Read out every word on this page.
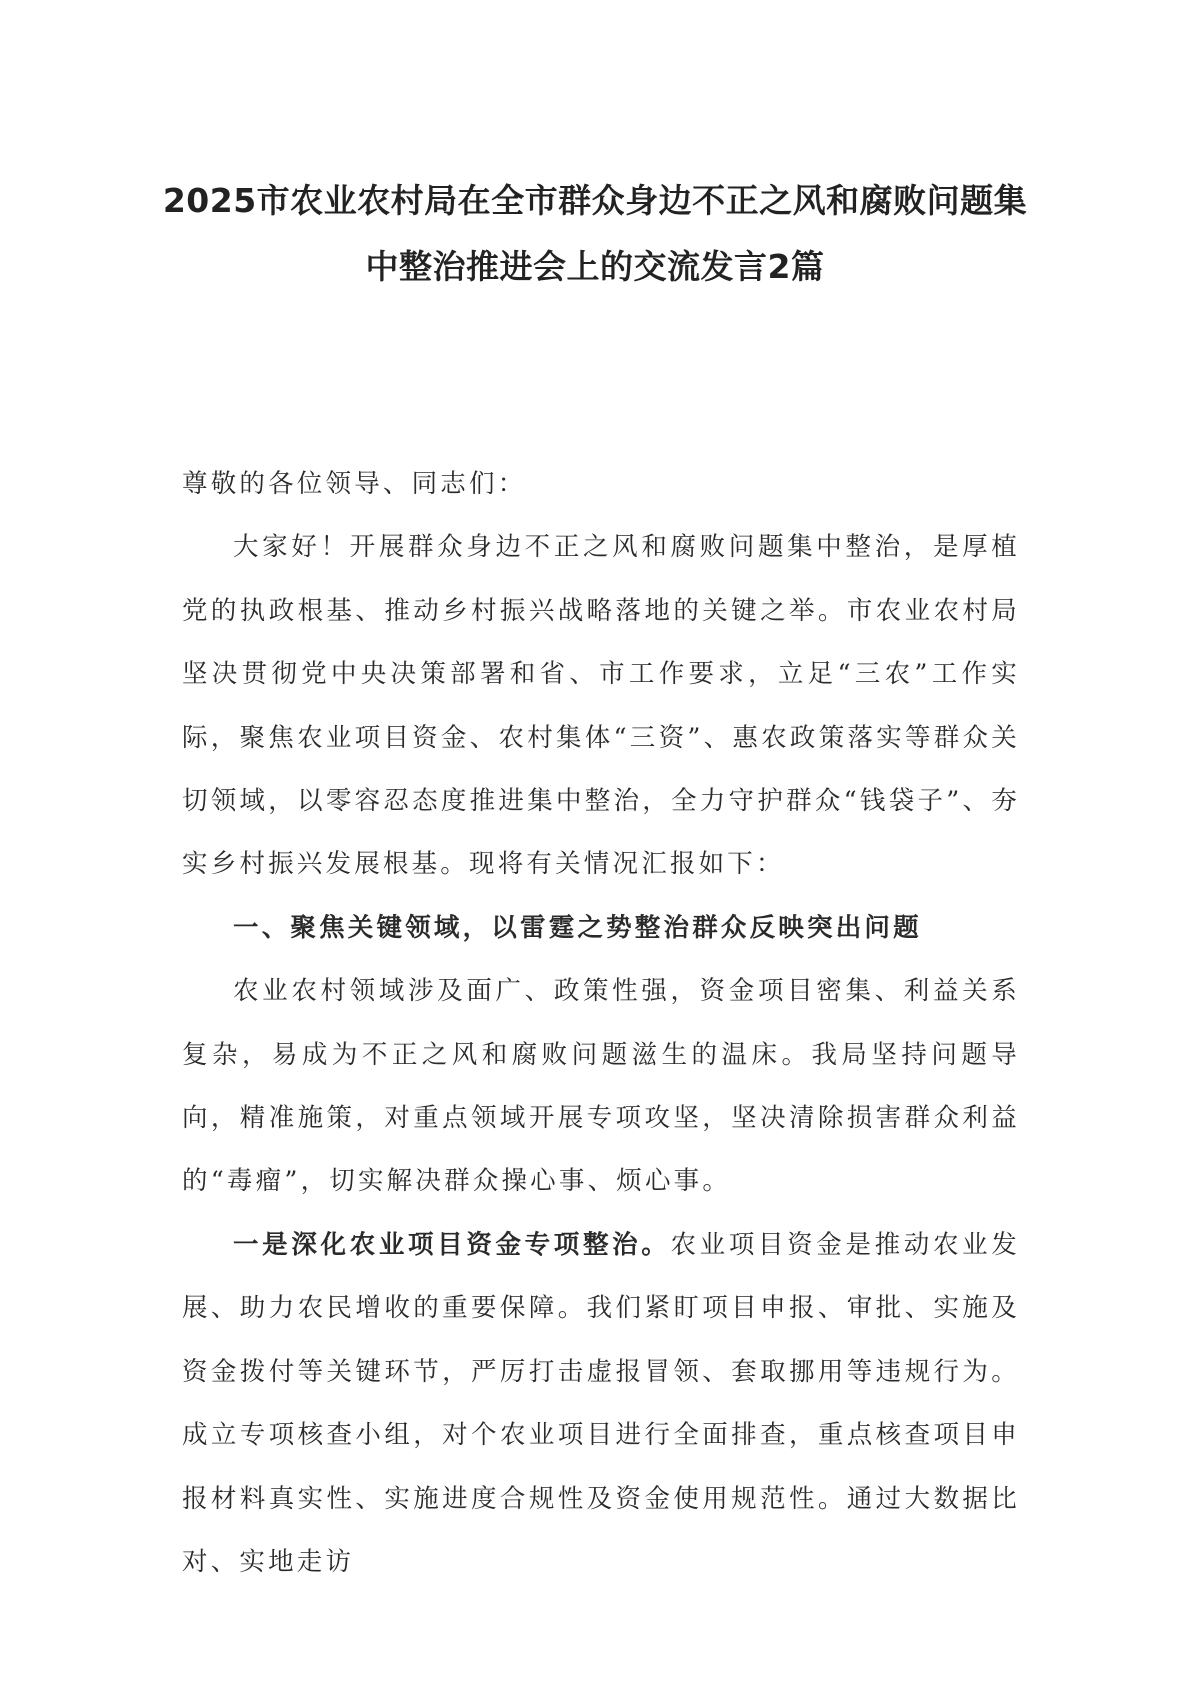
2025市农业农村局在全市群众身边不正之风和腐败问题集
中整治推进会上的交流发言2篇

尊敬的各位领导、同志们：

大家好！开展群众身边不正之风和腐败问题集中整治，是厚植党的执政根基、推动乡村振兴战略落地的关键之举。市农业农村局坚决贯彻党中央决策部署和省、市工作要求，立足“三农”工作实际，聚焦农业项目资金、农村集体“三资”、惠农政策落实等群众关切领域，以零容忍态度推进集中整治，全力守护群众“钱袋子”、夯实乡村振兴发展根基。现将有关情况汇报如下：

一、聚焦关键领域，以雷霆之势整治群众反映突出问题

农业农村领域涉及面广、政策性强，资金项目密集、利益关系复杂，易成为不正之风和腐败问题滋生的温床。我局坚持问题导向，精准施策，对重点领域开展专项攻坚，坚决清除损害群众利益的“毒瘤”，切实解决群众操心事、烦心事。

一是深化农业项目资金专项整治。农业项目资金是推动农业发展、助力农民增收的重要保障。我们紧盯项目申报、审批、实施及资金拨付等关键环节，严厉打击虚报冒领、套取挪用等违规行为。成立专项核查小组，对个农业项目进行全面排查，重点核查项目申报材料真实性、实施进度合规性及资金使用规范性。通过大数据比对、实地走访
